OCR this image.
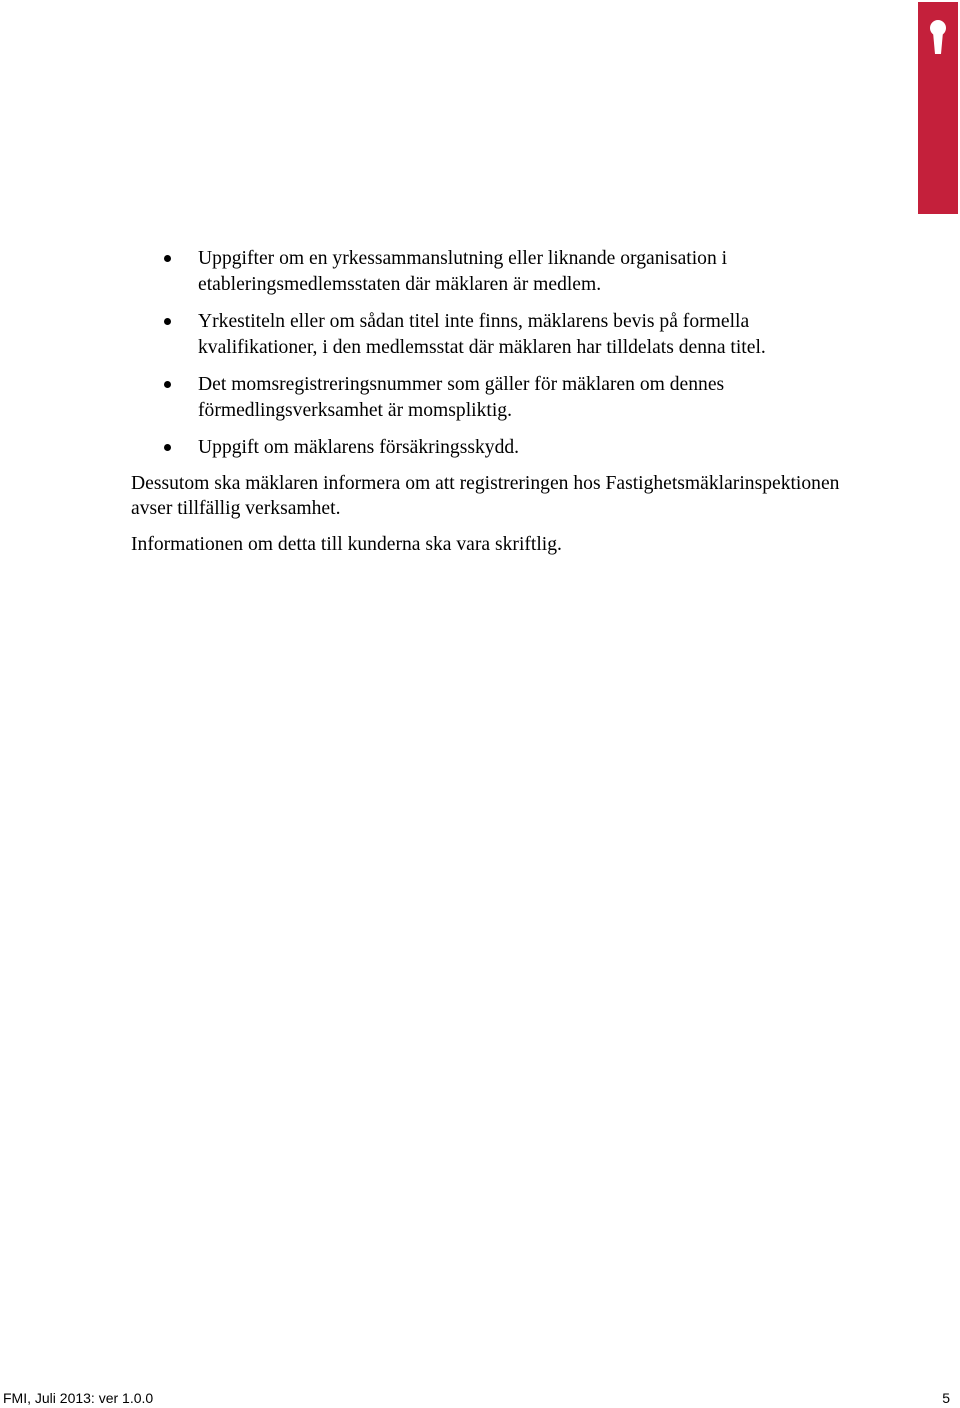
Uppgifter om en yrkessammanslutning eller liknande organisation i etableringsmedlemsstaten där mäklaren är medlem.
Yrkestiteln eller om sådan titel inte finns, mäklarens bevis på formella kvalifikationer, i den medlemsstat där mäklaren har tilldelats denna titel.
Det momsregistreringsnummer som gäller för mäklaren om dennes förmedlingsverksamhet är momspliktig.
Uppgift om mäklarens försäkringsskydd.

Dessutom ska mäklaren informera om att registreringen hos Fastighetsmäklarinspektionen avser tillfällig verksamhet.

Informationen om detta till kunderna ska vara skriftlig.

FMI, Juli 2013: ver 1.0.0	5
